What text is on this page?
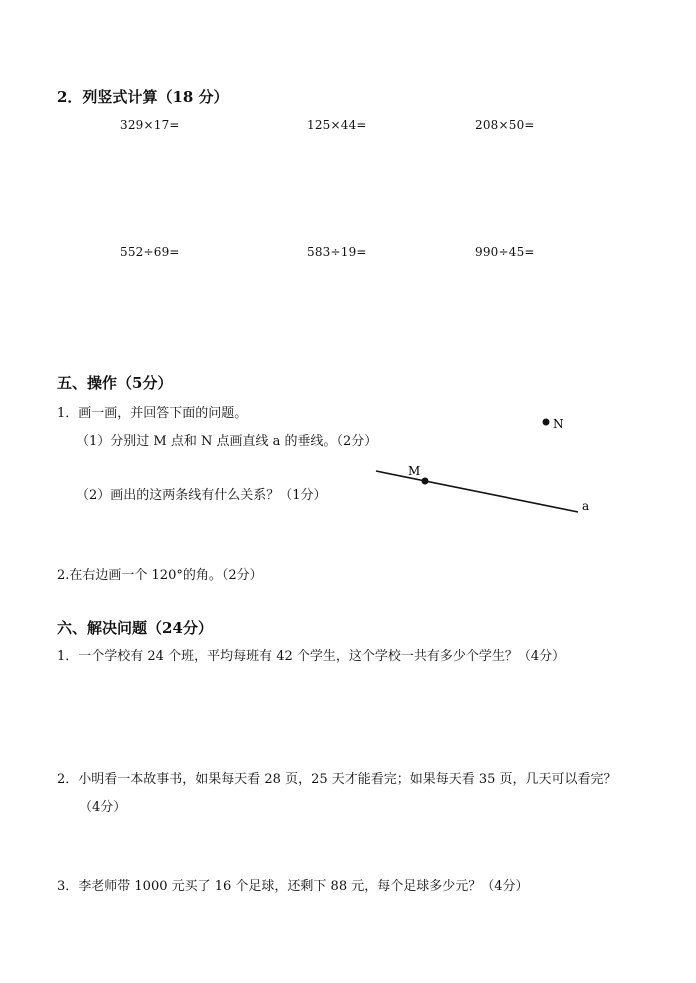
2．列竖式计算（18 分）
329×17=	125×44=	208×50=
552÷69=	583÷19=	990÷45=
五、操作（5分）
1．画一画，并回答下面的问题。
（1）分别过 M 点和 N 点画直线 a 的垂线。（2分）
（2）画出的这两条线有什么关系？（1分）
M
N
a
2.在右边画一个 120°的角。（2分）
六、解决问题（24分）
1．一个学校有 24 个班，平均每班有 42 个学生，这个学校一共有多少个学生？（4分）
2．小明看一本故事书，如果每天看 28 页，25 天才能看完；如果每天看 35 页，几天可以看完？
（4分）
3．李老师带 1000 元买了 16 个足球，还剩下 88 元，每个足球多少元？（4分）
